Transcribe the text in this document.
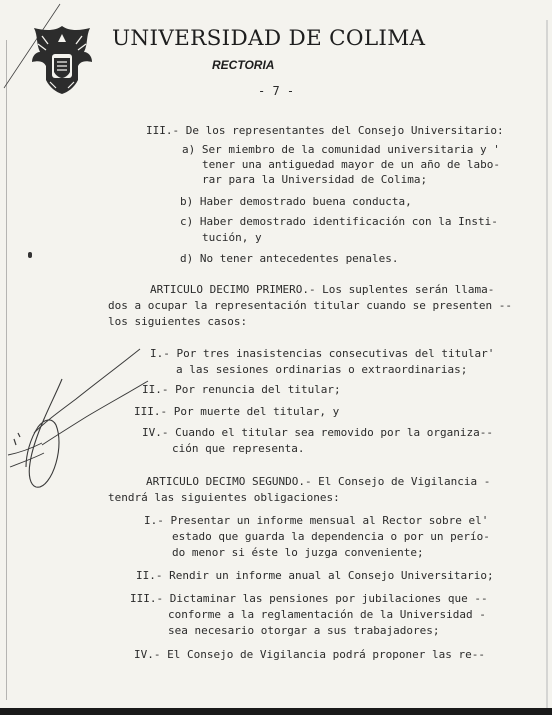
UNIVERSIDAD DE COLIMA
RECTORIA
- 7 -
III.- De los representantes del Consejo Universitario:
a) Ser miembro de la comunidad universitaria y '
tener una antiguedad mayor de un año de labo-
rar para la Universidad de Colima;
b) Haber demostrado buena conducta,
c) Haber demostrado identificación con la Insti-
tución, y
d) No tener antecedentes penales.
ARTICULO DECIMO PRIMERO.- Los suplentes serán llama-
dos a ocupar la representación titular cuando se presenten --
los siguientes casos:
I.- Por tres inasistencias consecutivas del titular'
a las sesiones ordinarias o extraordinarias;
II.- Por renuncia del titular;
III.- Por muerte del titular, y
IV.- Cuando el titular sea removido por la organiza--
ción que representa.
ARTICULO DECIMO SEGUNDO.- El Consejo de Vigilancia -
tendrá las siguientes obligaciones:
I.- Presentar un informe mensual al Rector sobre el'
estado que guarda la dependencia o por un perío-
do menor si éste lo juzga conveniente;
II.- Rendir un informe anual al Consejo Universitario;
III.- Dictaminar las pensiones por jubilaciones que --
conforme a la reglamentación de la Universidad -
sea necesario otorgar a sus trabajadores;
IV.- El Consejo de Vigilancia podrá proponer las re--
